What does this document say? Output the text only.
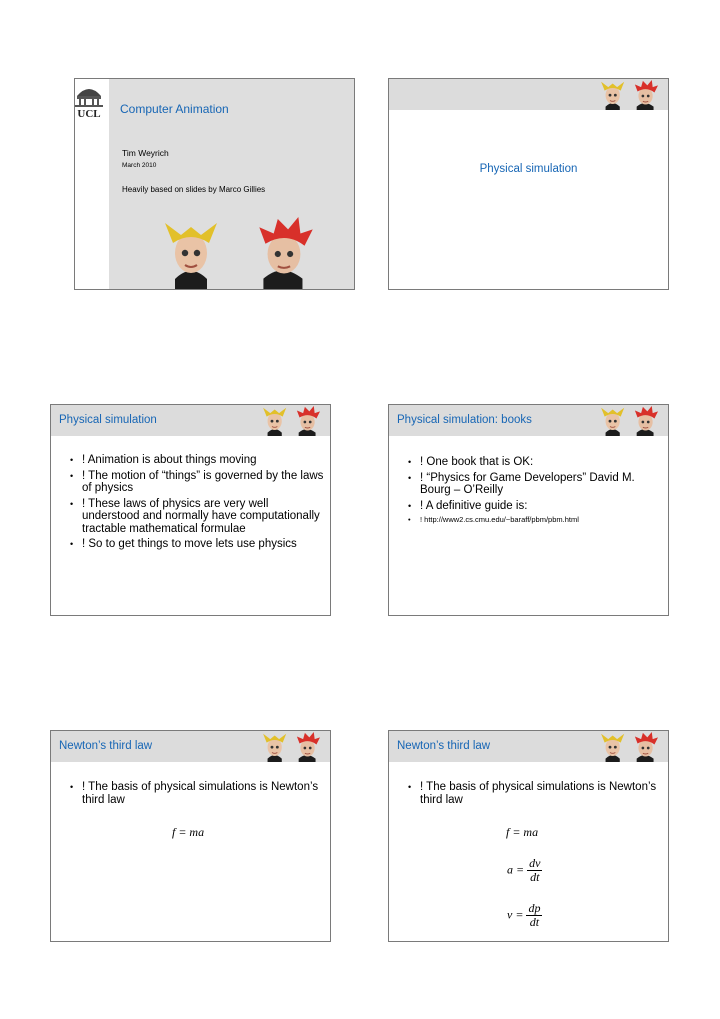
UCL Computer Animation
Tim Weyrich
March 2010
Heavily based on slides by Marco Gillies
Physical simulation
Physical simulation
• ! Animation is about things moving
• ! The motion of “things” is governed by the laws of physics
• ! These laws of physics are very well understood and normally have computationally tractable mathematical formulae
• ! So to get things to move lets use physics
Physical simulation: books
• ! One book that is OK:
• ! “Physics for Game Developers” David M. Bourg – O’Reilly
• ! A definitive guide is:
• ! http://www2.cs.cmu.edu/~baraff/pbm/pbm.html
Newton’s third law
• ! The basis of physical simulations is Newton’s third law
f = ma
Newton’s third law
• ! The basis of physical simulations is Newton’s third law
f = ma
$a = \frac{dv}{dt}$
$v = \frac{dp}{dt}$
